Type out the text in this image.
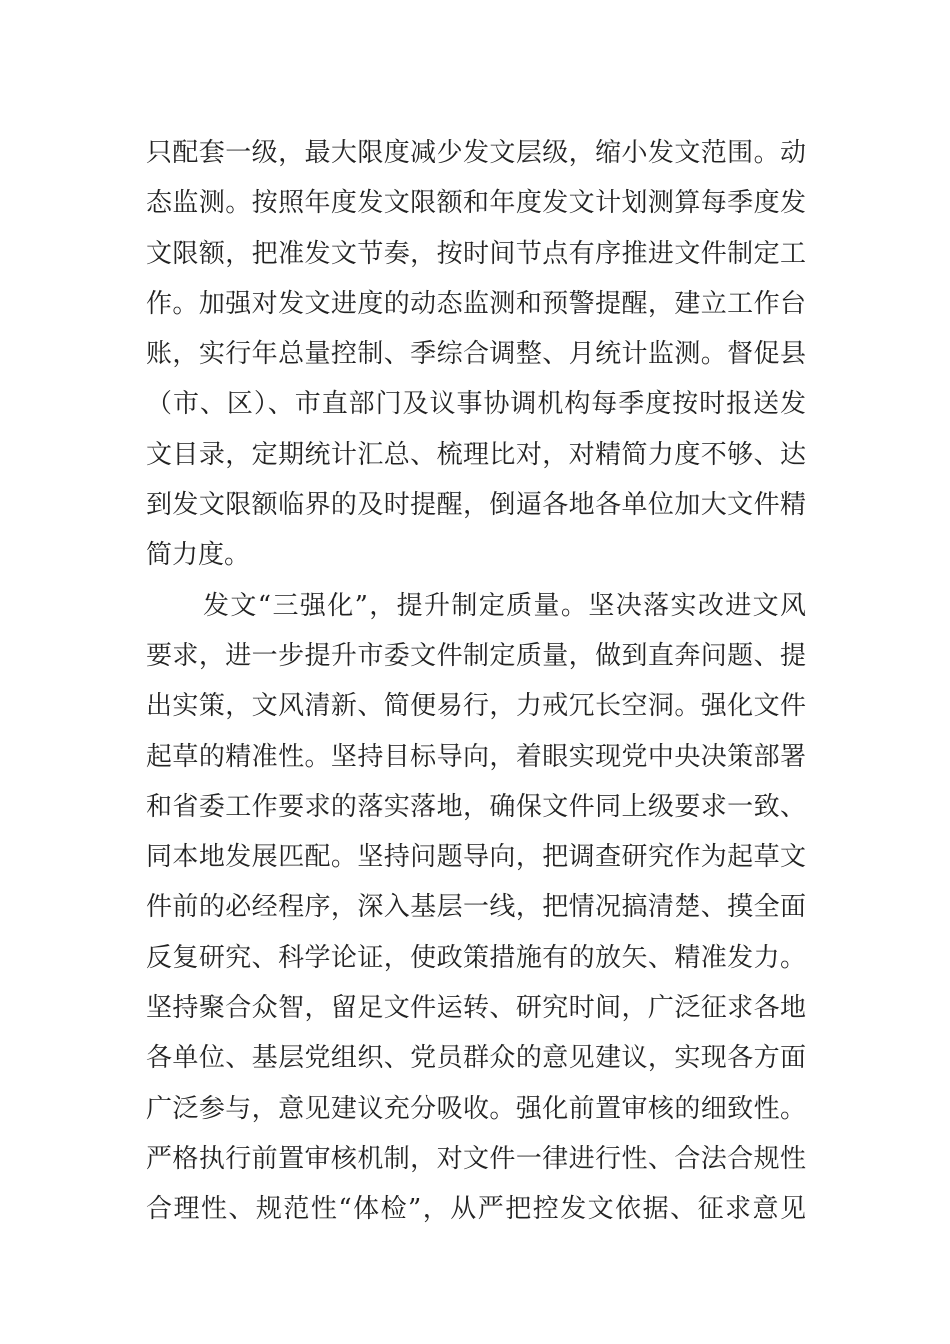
只配套一级，最大限度减少发文层级，缩小发文范围。动
态监测。按照年度发文限额和年度发文计划测算每季度发
文限额，把准发文节奏，按时间节点有序推进文件制定工
作。加强对发文进度的动态监测和预警提醒，建立工作台
账，实行年总量控制、季综合调整、月统计监测。督促县
（市、区）、市直部门及议事协调机构每季度按时报送发
文目录，定期统计汇总、梳理比对，对精简力度不够、达
到发文限额临界的及时提醒，倒逼各地各单位加大文件精
简力度。
发文“三强化”，提升制定质量。坚决落实改进文风
要求，进一步提升市委文件制定质量，做到直奔问题、提
出实策，文风清新、简便易行，力戒冗长空洞。强化文件
起草的精准性。坚持目标导向，着眼实现党中央决策部署
和省委工作要求的落实落地，确保文件同上级要求一致、
同本地发展匹配。坚持问题导向，把调查研究作为起草文
件前的必经程序，深入基层一线，把情况搞清楚、摸全面
反复研究、科学论证，使政策措施有的放矢、精准发力。
坚持聚合众智，留足文件运转、研究时间，广泛征求各地
各单位、基层党组织、党员群众的意见建议，实现各方面
广泛参与，意见建议充分吸收。强化前置审核的细致性。
严格执行前置审核机制，对文件一律进行性、合法合规性
合理性、规范性“体检”，从严把控发文依据、征求意见
